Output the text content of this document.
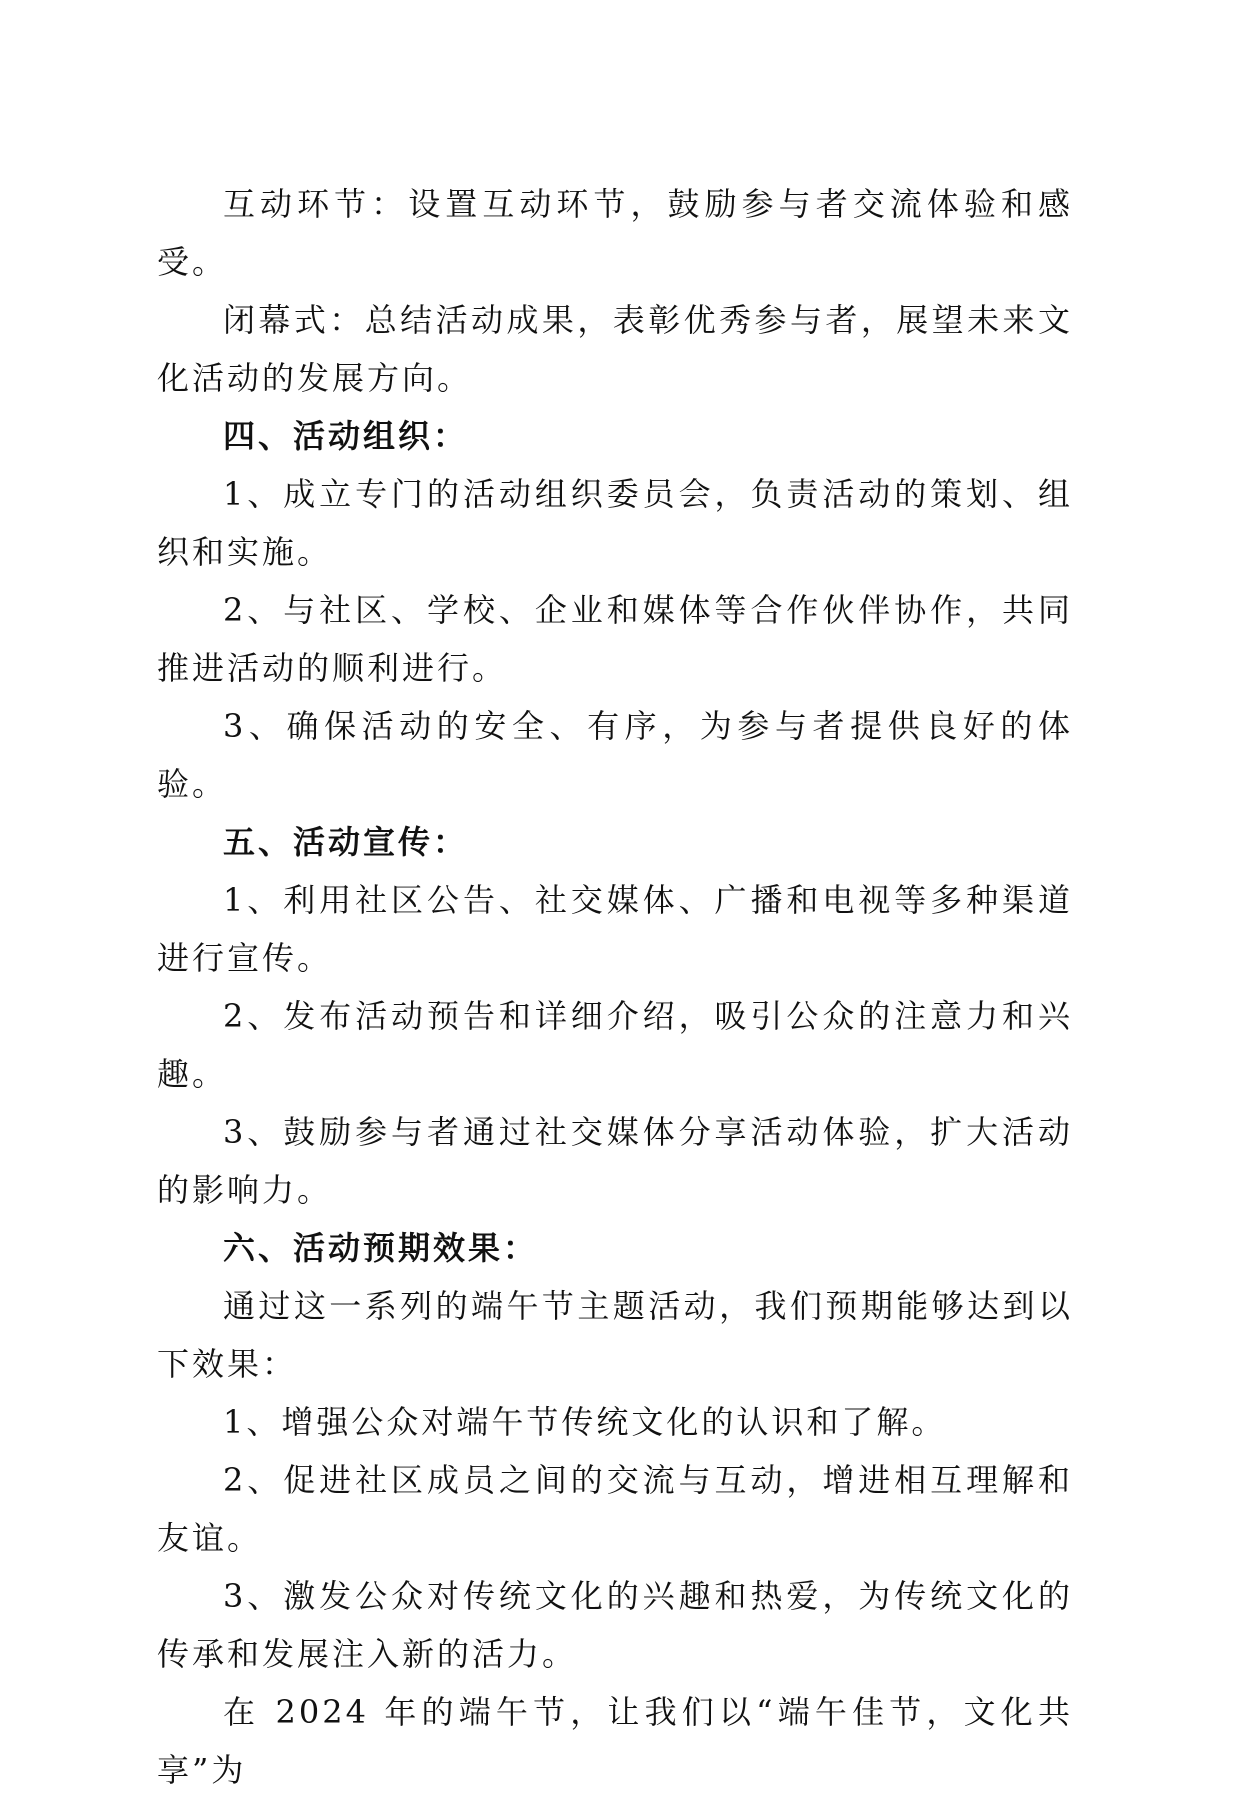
互动环节：设置互动环节，鼓励参与者交流体验和感受。

闭幕式：总结活动成果，表彰优秀参与者，展望未来文化活动的发展方向。

四、活动组织：

1、成立专门的活动组织委员会，负责活动的策划、组织和实施。

2、与社区、学校、企业和媒体等合作伙伴协作，共同推进活动的顺利进行。

3、确保活动的安全、有序，为参与者提供良好的体验。

五、活动宣传：

1、利用社区公告、社交媒体、广播和电视等多种渠道进行宣传。

2、发布活动预告和详细介绍，吸引公众的注意力和兴趣。

3、鼓励参与者通过社交媒体分享活动体验，扩大活动的影响力。

六、活动预期效果：

通过这一系列的端午节主题活动，我们预期能够达到以下效果：

1、增强公众对端午节传统文化的认识和了解。

2、促进社区成员之间的交流与互动，增进相互理解和友谊。

3、激发公众对传统文化的兴趣和热爱，为传统文化的传承和发展注入新的活力。

在 2024 年的端午节，让我们以“端午佳节，文化共享”为
